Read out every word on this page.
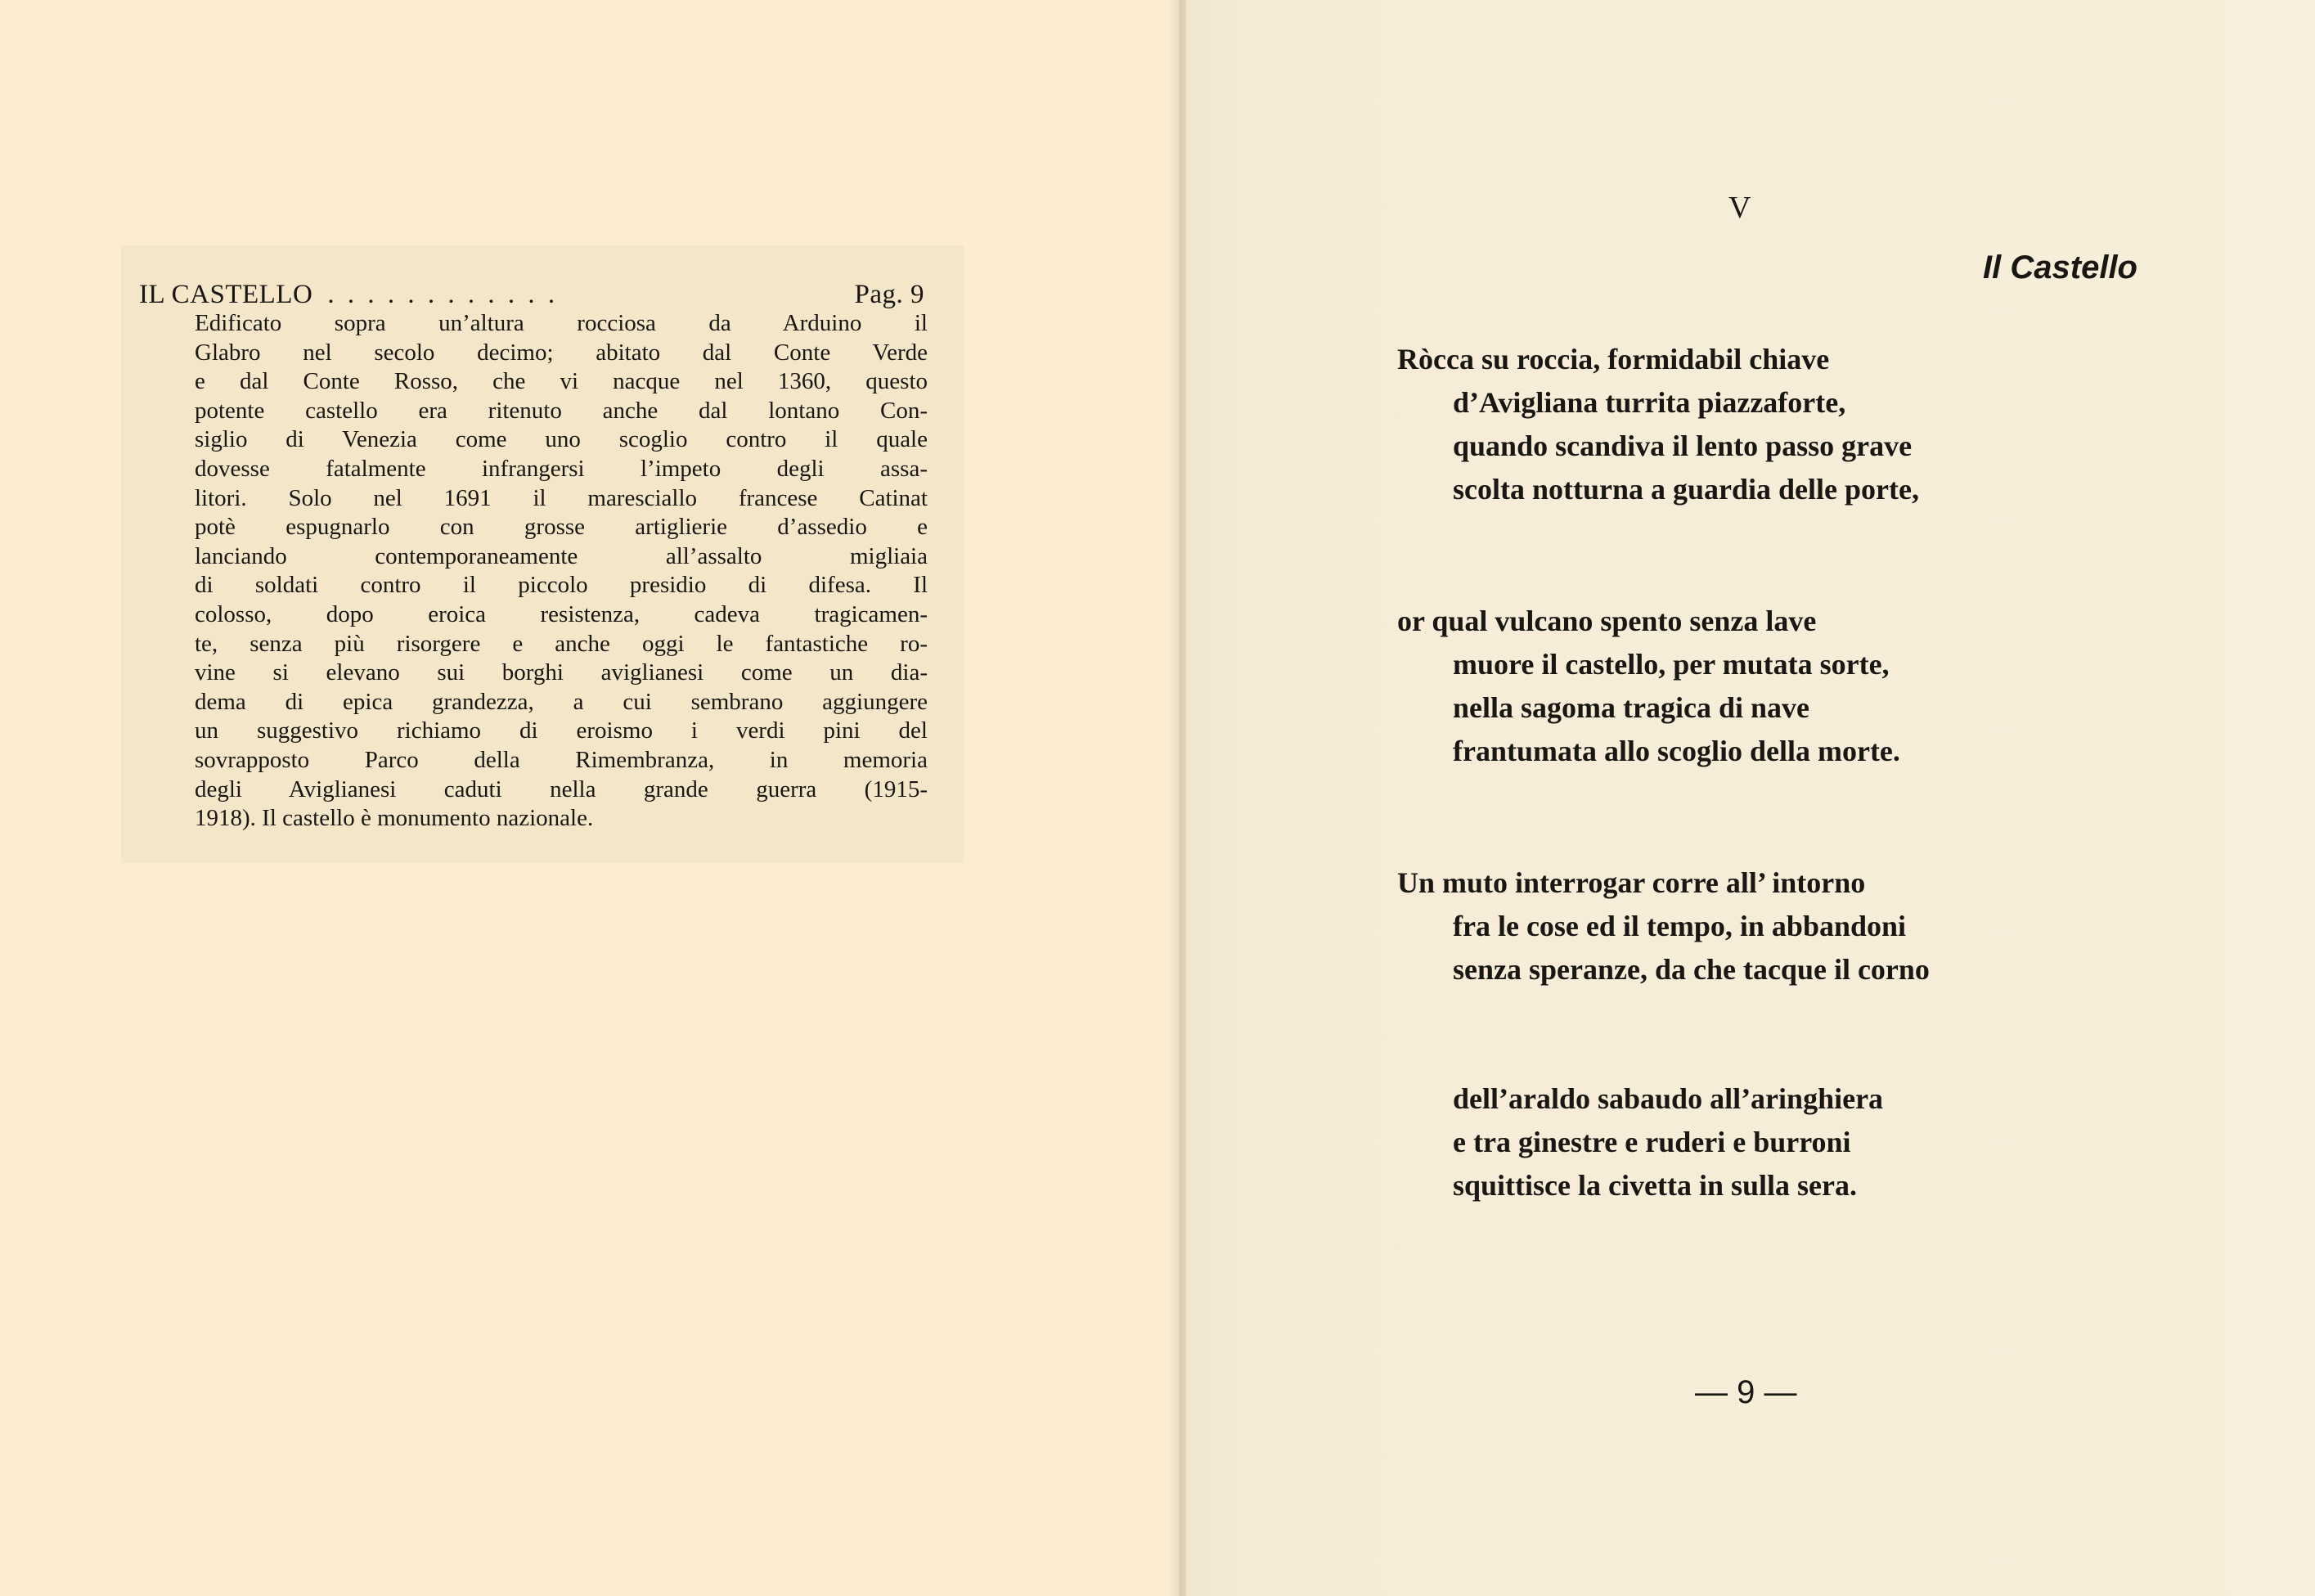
IL CASTELLO . . . . . . . . . . . .	Pag. 9
Edificato sopra un’altura rocciosa da Arduino il
Glabro nel secolo decimo; abitato dal Conte Verde
e dal Conte Rosso, che vi nacque nel 1360, questo
potente castello era ritenuto anche dal lontano Con-
siglio di Venezia come uno scoglio contro il quale
dovesse fatalmente infrangersi l’impeto degli assa-
litori. Solo nel 1691 il maresciallo francese Catinat
potè espugnarlo con grosse artiglierie d’assedio e
lanciando contemporaneamente all’assalto migliaia
di soldati contro il piccolo presidio di difesa. Il
colosso, dopo eroica resistenza, cadeva tragicamen-
te, senza più risorgere e anche oggi le fantastiche ro-
vine si elevano sui borghi aviglianesi come un dia-
dema di epica grandezza, a cui sembrano aggiungere
un suggestivo richiamo di eroismo i verdi pini del
sovrapposto Parco della Rimembranza, in memoria
degli Aviglianesi caduti nella grande guerra (1915-
1918). Il castello è monumento nazionale.
V
Il Castello
Ròcca su roccia, formidabil chiave
d’Avigliana turrita piazzaforte,
quando scandiva il lento passo grave
scolta notturna a guardia delle porte,
or qual vulcano spento senza lave
muore il castello, per mutata sorte,
nella sagoma tragica di nave
frantumata allo scoglio della morte.
Un muto interrogar corre all’ intorno
fra le cose ed il tempo, in abbandoni
senza speranze, da che tacque il corno
dell’araldo sabaudo all’aringhiera
e tra ginestre e ruderi e burroni
squittisce la civetta in sulla sera.
— 9 —
